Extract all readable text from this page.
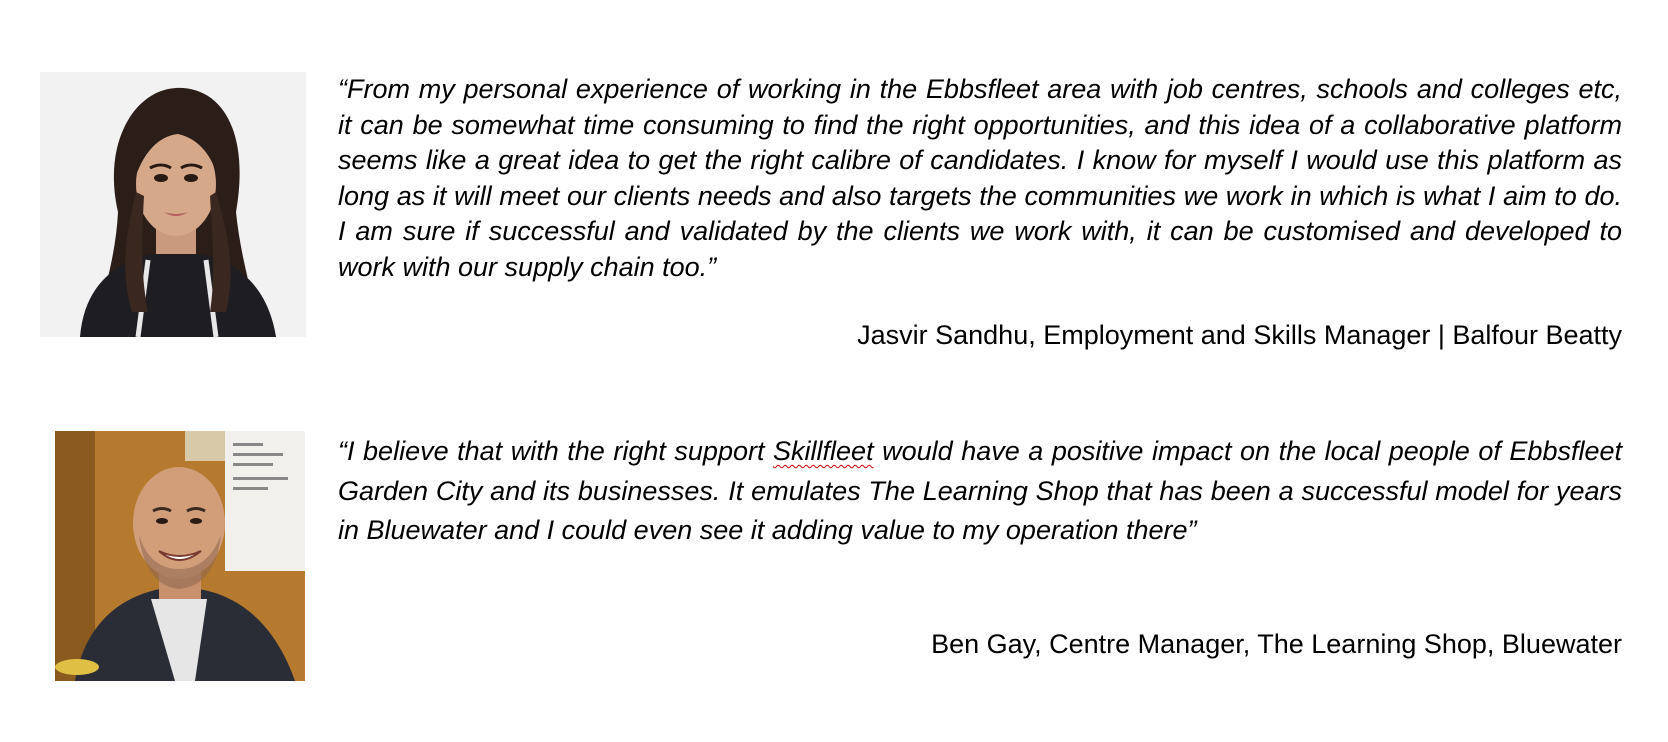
“From my personal experience of working in the Ebbsfleet area with job centres, schools and colleges etc, it can be somewhat time consuming to find the right opportunities, and this idea of a collaborative platform seems like a great idea to get the right calibre of candidates. I know for myself I would use this platform as long as it will meet our clients needs and also targets the communities we work in which is what I aim to do. I am sure if successful and validated by the clients we work with, it can be customised and developed to work with our supply chain too.”

Jasvir Sandhu, Employment and Skills Manager | Balfour Beatty

“I believe that with the right support Skillfleet would have a positive impact on the local people of Ebbsfleet Garden City and its businesses. It emulates The Learning Shop that has been a successful model for years in Bluewater and I could even see it adding value to my operation there”

Ben Gay, Centre Manager, The Learning Shop, Bluewater
